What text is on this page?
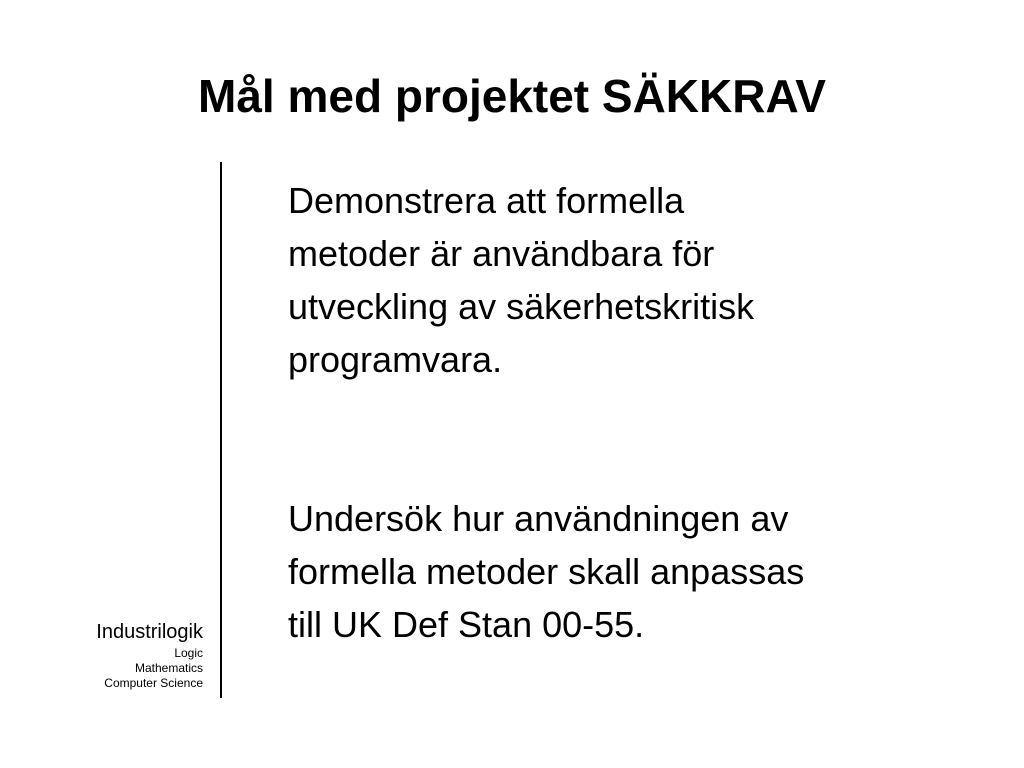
Mål med projektet SÄKKRAV
Industrilogik
Logic
Mathematics
Computer Science

Demonstrera att formella
metoder är användbara för
utveckling av säkerhetskritisk
programvara.

Undersök hur användningen av
formella metoder skall anpassas
till UK Def Stan 00-55.
